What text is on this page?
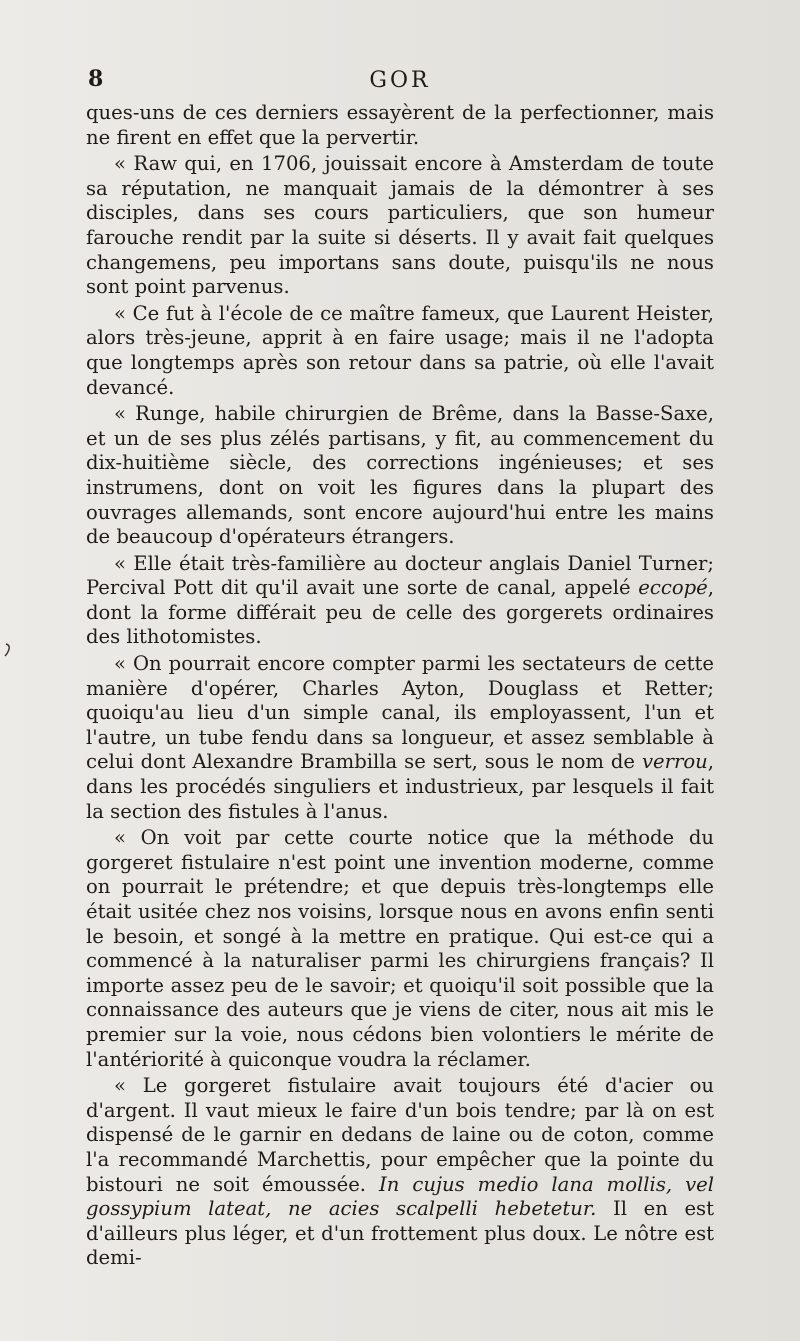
8	GOR

ques-uns de ces derniers essayèrent de la perfectionner, mais ne firent en effet que la pervertir.

« Raw qui, en 1706, jouissait encore à Amsterdam de toute sa réputation, ne manquait jamais de la démontrer à ses disciples, dans ses cours particuliers, que son humeur farouche rendit par la suite si déserts. Il y avait fait quelques changemens, peu importans sans doute, puisqu'ils ne nous sont point parvenus.

« Ce fut à l'école de ce maître fameux, que Laurent Heister, alors très-jeune, apprit à en faire usage; mais il ne l'adopta que longtemps après son retour dans sa patrie, où elle l'avait devancé.

« Runge, habile chirurgien de Brême, dans la Basse-Saxe, et un de ses plus zélés partisans, y fit, au commencement du dix-huitième siècle, des corrections ingénieuses; et ses instrumens, dont on voit les figures dans la plupart des ouvrages allemands, sont encore aujourd'hui entre les mains de beaucoup d'opérateurs étrangers.

« Elle était très-familière au docteur anglais Daniel Turner; Percival Pott dit qu'il avait une sorte de canal, appelé eccopé, dont la forme différait peu de celle des gorgerets ordinaires des lithotomistes.

« On pourrait encore compter parmi les sectateurs de cette manière d'opérer, Charles Ayton, Douglass et Retter; quoiqu'au lieu d'un simple canal, ils employassent, l'un et l'autre, un tube fendu dans sa longueur, et assez semblable à celui dont Alexandre Brambilla se sert, sous le nom de verrou, dans les procédés singuliers et industrieux, par lesquels il fait la section des fistules à l'anus.

« On voit par cette courte notice que la méthode du gorgeret fistulaire n'est point une invention moderne, comme on pourrait le prétendre; et que depuis très-longtemps elle était usitée chez nos voisins, lorsque nous en avons enfin senti le besoin, et songé à la mettre en pratique. Qui est-ce qui a commencé à la naturaliser parmi les chirurgiens français? Il importe assez peu de le savoir; et quoiqu'il soit possible que la connaissance des auteurs que je viens de citer, nous ait mis le premier sur la voie, nous cédons bien volontiers le mérite de l'antériorité à quiconque voudra la réclamer.

« Le gorgeret fistulaire avait toujours été d'acier ou d'argent. Il vaut mieux le faire d'un bois tendre; par là on est dispensé de le garnir en dedans de laine ou de coton, comme l'a recommandé Marchettis, pour empêcher que la pointe du bistouri ne soit émoussée. In cujus medio lana mollis, vel gossypium lateat, ne acies scalpelli hebetetur. Il en est d'ailleurs plus léger, et d'un frottement plus doux. Le nôtre est demi-
